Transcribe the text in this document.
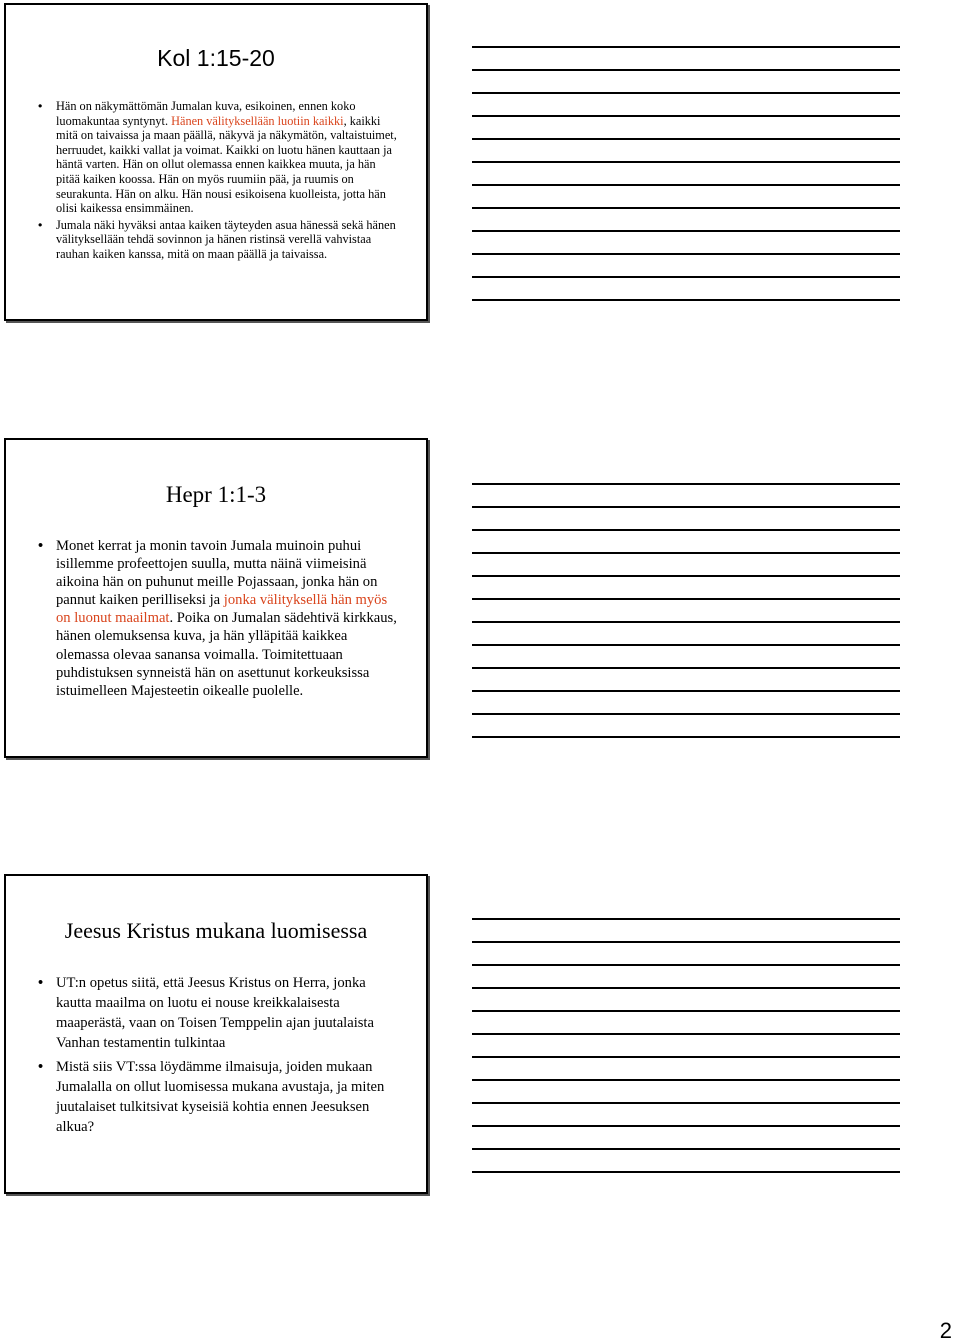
Kol 1:15-20
• Hän on näkymättömän Jumalan kuva, esikoinen, ennen koko luomakuntaa syntynyt. Hänen välityksellään luotiin kaikki, kaikki mitä on taivaissa ja maan päällä, näkyvä ja näkymätön, valtaistuimet, herruudet, kaikki vallat ja voimat. Kaikki on luotu hänen kauttaan ja häntä varten. Hän on ollut olemassa ennen kaikkea muuta, ja hän pitää kaiken koossa. Hän on myös ruumiin pää, ja ruumis on seurakunta. Hän on alku. Hän nousi esikoisena kuolleista, jotta hän olisi kaikessa ensimmäinen.
• Jumala näki hyväksi antaa kaiken täyteyden asua hänessä sekä hänen välityksellään tehdä sovinnon ja hänen ristinsä verellä vahvistaa rauhan kaiken kanssa, mitä on maan päällä ja taivaissa.
Hepr 1:1-3
• Monet kerrat ja monin tavoin Jumala muinoin puhui isillemme profeettojen suulla, mutta näinä viimeisinä aikoina hän on puhunut meille Pojassaan, jonka hän on pannut kaiken perilliseksi ja jonka välityksellä hän myös on luonut maailmat. Poika on Jumalan sädehtivä kirkkaus, hänen olemuksensa kuva, ja hän ylläpitää kaikkea olemassa olevaa sanansa voimalla. Toimitettuaan puhdistuksen synneistä hän on asettunut korkeuksissa istuimelleen Majesteetin oikealle puolelle.
Jeesus Kristus mukana luomisessa
• UT:n opetus siitä, että Jeesus Kristus on Herra, jonka kautta maailma on luotu ei nouse kreikkalaisesta maaperästä, vaan on Toisen Temppelin ajan juutalaista Vanhan testamentin tulkintaa
• Mistä siis VT:ssa löydämme ilmaisuja, joiden mukaan Jumalalla on ollut luomisessa mukana avustaja, ja miten juutalaiset tulkitsivat kyseisiä kohtia ennen Jeesuksen alkua?
2
